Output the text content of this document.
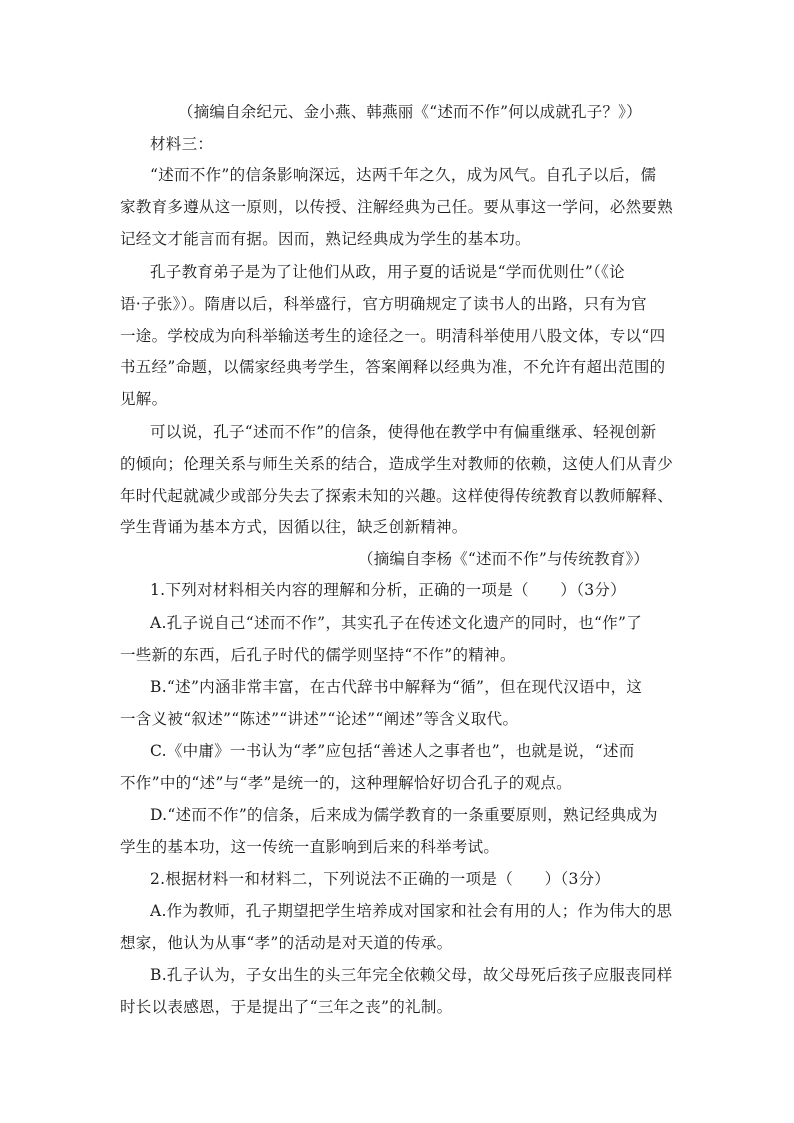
（摘编自余纪元、金小燕、韩燕丽《“述而不作”何以成就孔子？》）
材料三：
“述而不作”的信条影响深远，达两千年之久，成为风气。自孔子以后，儒
家教育多遵从这一原则，以传授、注解经典为己任。要从事这一学问，必然要熟
记经文才能言而有据。因而，熟记经典成为学生的基本功。
孔子教育弟子是为了让他们从政，用子夏的话说是“学而优则仕”（《论
语·子张》）。隋唐以后，科举盛行，官方明确规定了读书人的出路，只有为官
一途。学校成为向科举输送考生的途径之一。明清科举使用八股文体，专以“四
书五经”命题，以儒家经典考学生，答案阐释以经典为准，不允许有超出范围的
见解。
可以说，孔子“述而不作”的信条，使得他在教学中有偏重继承、轻视创新
的倾向；伦理关系与师生关系的结合，造成学生对教师的依赖，这使人们从青少
年时代起就减少或部分失去了探索未知的兴趣。这样使得传统教育以教师解释、
学生背诵为基本方式，因循以往，缺乏创新精神。
（摘编自李杨《“述而不作”与传统教育》）
1.下列对材料相关内容的理解和分析，正确的一项是（　　）（3分）
A.孔子说自己“述而不作”，其实孔子在传述文化遗产的同时，也“作”了
一些新的东西，后孔子时代的儒学则坚持“不作”的精神。
B.“述”内涵非常丰富，在古代辞书中解释为“循”，但在现代汉语中，这
一含义被“叙述”“陈述”“讲述”“论述”“阐述”等含义取代。
C.《中庸》一书认为“孝”应包括“善述人之事者也”，也就是说，“述而
不作”中的“述”与“孝”是统一的，这种理解恰好切合孔子的观点。
D.“述而不作”的信条，后来成为儒学教育的一条重要原则，熟记经典成为
学生的基本功，这一传统一直影响到后来的科举考试。
2.根据材料一和材料二，下列说法不正确的一项是（　　）（3分）
A.作为教师，孔子期望把学生培养成对国家和社会有用的人；作为伟大的思
想家，他认为从事“孝”的活动是对天道的传承。
B.孔子认为，子女出生的头三年完全依赖父母，故父母死后孩子应服丧同样
时长以表感恩，于是提出了“三年之丧”的礼制。
